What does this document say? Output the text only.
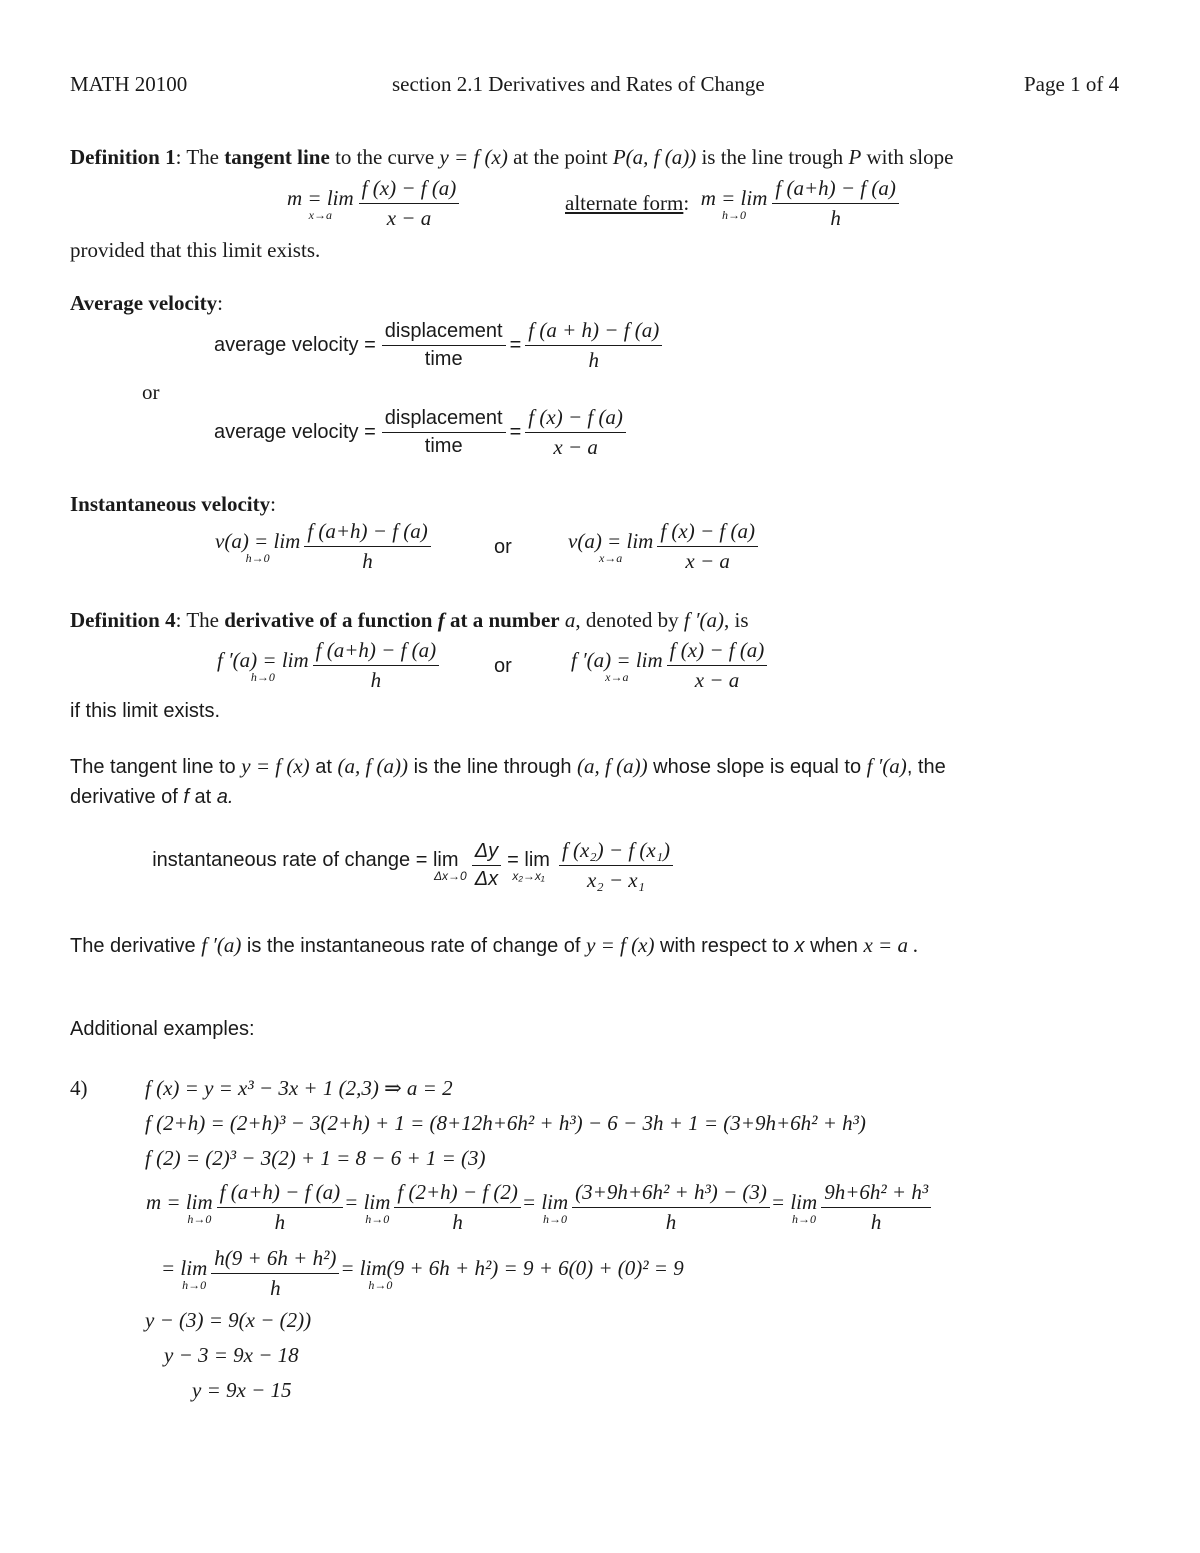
MATH 20100	section 2.1 Derivatives and Rates of Change	Page 1 of 4
Definition 1: The tangent line to the curve y = f (x) at the point P(a, f (a)) is the line trough P with slope
m = lim
x→a	$\frac{f (x) - f (a)}{x - a}$	alternate form : m = lim
h→0	$\frac{f (a+h) - f (a)}{h}$
provided that this limit exists.
Average velocity:
average velocity = $\frac{\text{displacement}}{\text{time}} = \frac{f (a + h) - f (a)}{h}$
or
average velocity = $\frac{\text{displacement}}{\text{time}} = \frac{f (x) - f (a)}{x - a}$
Instantaneous velocity:
v(a) = lim
h→0	$\frac{f (a+h) - f (a)}{h}$	or	v(a) = lim
x→a	$\frac{f (x) - f (a)}{x - a}$
Definition 4: The derivative of a function f at a number a, denoted by f ′(a), is
f ′(a) = lim
h→0	$\frac{f (a+h) - f (a)}{h}$	or	f ′(a) = lim
x→a	$\frac{f (x) - f (a)}{x - a}$
if this limit exists.
The tangent line to y = f (x) at (a, f (a)) is the line through (a, f (a)) whose slope is equal to f ′(a), the
derivative of f at a.
instantaneous rate of change = lim
$\Delta x\to 0 \frac{\Delta y}{\Delta x} = \lim$
$x_2\to x_1 \frac{\text{f (x₂) − f (x₁)}}{\text{x₂ − x₁}}$
The derivative f ′(a) is the instantaneous rate of change of y = f (x) with respect to x when x = a .
Additional examples:
4)	f (x) = y = x³ − 3x + 1 (2,3) ⇒ a = 2
f (2+h) = (2+h)³ − 3(2+h) + 1 = (8+12h+6h² + h³) − 6 − 3h + 1 = (3+9h+6h² + h³)
f (2) = (2)³ − 3(2) + 1 = 8 − 6 + 1 = (3)
m = lim
$h\to 0 \frac{f (a+h) - f (a)}{h} = \lim$
$h\to 0 \frac{f (2+h) - f (2)}{h} = \lim$
$h\to 0 \frac{\text{(3+9h+6h² + h³) − (3)}}{h} = \lim$
$h\to 0 \frac{\text{9h+6h² + h³}}{h}$
= lim
$h\to 0 \frac{\text{h(9 + 6h + h²)}}{h} = \lim(9 + 6h + h^2) = 9 + 6(0) + (0)^2 = 9$
h→0
y − (3) = 9(x − (2))
y − 3 = 9x − 18
y = 9x − 15
